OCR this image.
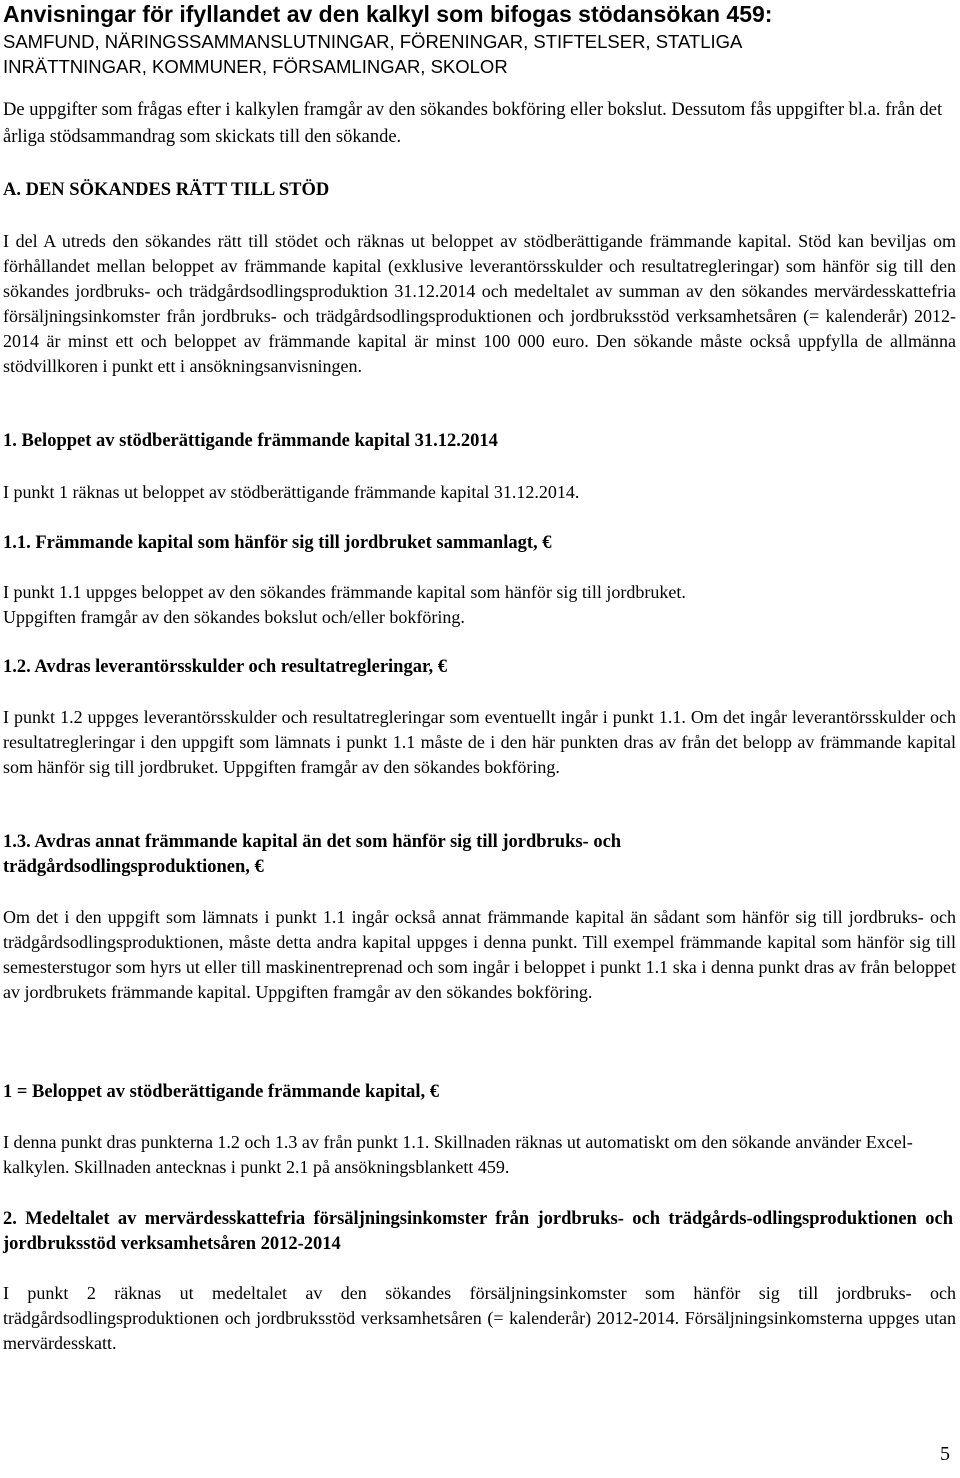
Anvisningar för ifyllandet av den kalkyl som bifogas stödansökan 459:
SAMFUND, NÄRINGSSAMMANSLUTNINGAR, FÖRENINGAR, STIFTELSER, STATLIGA
INRÄTTNINGAR, KOMMUNER, FÖRSAMLINGAR, SKOLOR

De uppgifter som frågas efter i kalkylen framgår av den sökandes bokföring eller bokslut. Dessutom fås uppgifter bl.a. från det årliga stödsammandrag som skickats till den sökande.

A. DEN SÖKANDES RÄTT TILL STÖD

I del A utreds den sökandes rätt till stödet och räknas ut beloppet av stödberättigande främmande kapital. Stöd kan beviljas om förhållandet mellan beloppet av främmande kapital (exklusive leverantörsskulder och resultatregleringar) som hänför sig till den sökandes jordbruks- och trädgårdsodlingsproduktion 31.12.2014 och medeltalet av summan av den sökandes mervärdesskattefria försäljningsinkomster från jordbruks- och trädgårdsodlingsproduktionen och jordbruksstöd verksamhetsåren (= kalenderår) 2012-2014 är minst ett och beloppet av främmande kapital är minst 100 000 euro. Den sökande måste också uppfylla de allmänna stödvillkoren i punkt ett i ansökningsanvisningen.

1. Beloppet av stödberättigande främmande kapital 31.12.2014

I punkt 1 räknas ut beloppet av stödberättigande främmande kapital 31.12.2014.

1.1. Främmande kapital som hänför sig till jordbruket sammanlagt, €
I punkt 1.1 uppges beloppet av den sökandes främmande kapital som hänför sig till jordbruket.
Uppgiften framgår av den sökandes bokslut och/eller bokföring.
1.2. Avdras leverantörsskulder och resultatregleringar, €

I punkt 1.2 uppges leverantörsskulder och resultatregleringar som eventuellt ingår i punkt 1.1. Om det ingår leverantörsskulder och resultatregleringar i den uppgift som lämnats i punkt 1.1 måste de i den här punkten dras av från det belopp av främmande kapital som hänför sig till jordbruket. Uppgiften framgår av den sökandes bokföring.

1.3. Avdras annat främmande kapital än det som hänför sig till jordbruks- och
trädgårdsodlingsproduktionen, €

Om det i den uppgift som lämnats i punkt 1.1 ingår också annat främmande kapital än sådant som hänför sig till jordbruks- och trädgårdsodlingsproduktionen, måste detta andra kapital uppges i denna punkt. Till exempel främmande kapital som hänför sig till semesterstugor som hyrs ut eller till maskinentreprenad och som ingår i beloppet i punkt 1.1 ska i denna punkt dras av från beloppet av jordbrukets främmande kapital. Uppgiften framgår av den sökandes bokföring.

1 = Beloppet av stödberättigande främmande kapital, €

I denna punkt dras punkterna 1.2 och 1.3 av från punkt 1.1. Skillnaden räknas ut automatiskt om den sökande använder Excel-kalkylen. Skillnaden antecknas i punkt 2.1 på ansökningsblankett 459.

2. Medeltalet av mervärdesskattefria försäljningsinkomster från jordbruks- och trädgårds-odlingsproduktionen och jordbruksstöd verksamhetsåren 2012-2014

I punkt 2 räknas ut medeltalet av den sökandes försäljningsinkomster som hänför sig till jordbruks- och trädgårdsodlingsproduktionen och jordbruksstöd verksamhetsåren (= kalenderår) 2012-2014. Försäljningsinkomsterna uppges utan mervärdesskatt.

5
